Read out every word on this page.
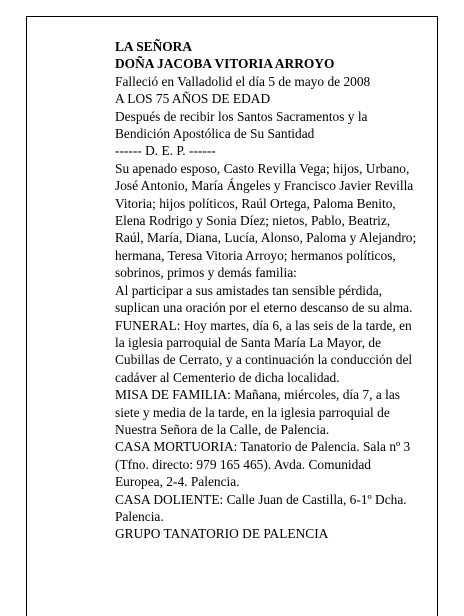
LA SEÑORA

DOÑA JACOBA VITORIA ARROYO

Falleció en Valladolid el día 5 de mayo de 2008

A LOS 75 AÑOS DE EDAD

Después de recibir los Santos Sacramentos y la Bendición Apostólica de Su Santidad

------ D. E. P. ------

Su apenado esposo, Casto Revilla Vega; hijos, Urbano, José Antonio, María Ángeles y Francisco Javier Revilla Vitoria; hijos políticos, Raúl Ortega, Paloma Benito, Elena Rodrigo y Sonia Díez; nietos, Pablo, Beatriz, Raúl, María, Diana, Lucía, Alonso, Paloma y Alejandro; hermana, Teresa Vitoria Arroyo; hermanos políticos, sobrinos, primos y demás familia:

Al participar a sus amistades tan sensible pérdida, suplican una oración por el eterno descanso de su alma.

FUNERAL: Hoy martes, día 6, a las seis de la tarde, en la iglesia parroquial de Santa María La Mayor, de Cubillas de Cerrato, y a continuación la conducción del cadáver al Cementerio de dicha localidad.

MISA DE FAMILIA: Mañana, miércoles, día 7, a las siete y media de la tarde, en la iglesia parroquial de Nuestra Señora de la Calle, de Palencia.

CASA MORTUORIA: Tanatorio de Palencia. Sala nº 3 (Tfno. directo: 979 165 465). Avda. Comunidad Europea, 2-4. Palencia.

CASA DOLIENTE: Calle Juan de Castilla, 6-1º Dcha. Palencia.

GRUPO TANATORIO DE PALENCIA
